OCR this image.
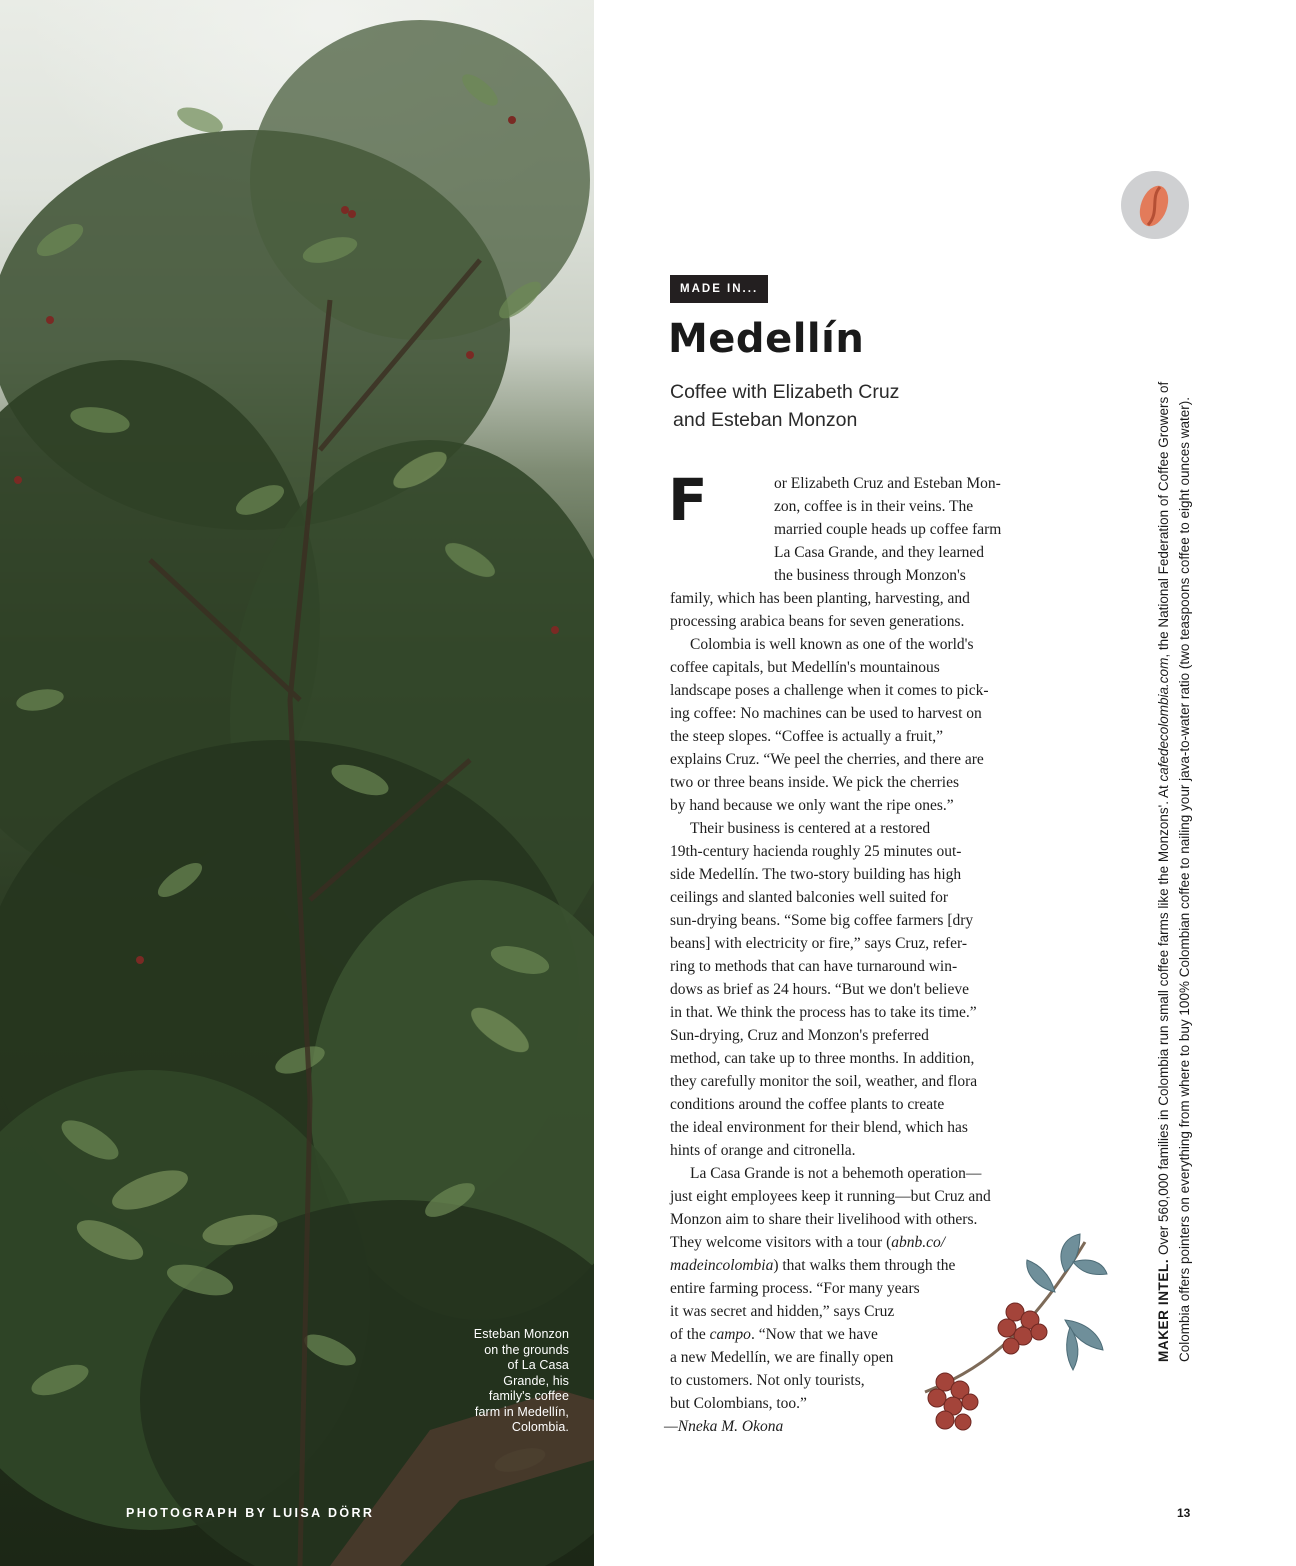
Esteban Monzon
on the grounds
of La Casa
Grande, his
family's coffee
farm in Medellín,
Colombia.
PHOTOGRAPH BY LUISA DÖRR
MADE IN...
Medellín
Coffee with Elizabeth Cruz
and Esteban Monzon
F	or Elizabeth Cruz and Esteban Mon-
zon, coffee is in their veins. The
married couple heads up coffee farm
La Casa Grande, and they learned
the business through Monzon's
family, which has been planting, harvesting, and
processing arabica beans for seven generations.
Colombia is well known as one of the world's
coffee capitals, but Medellín's mountainous
landscape poses a challenge when it comes to pick-
ing coffee: No machines can be used to harvest on
the steep slopes. “Coffee is actually a fruit,”
explains Cruz. “We peel the cherries, and there are
two or three beans inside. We pick the cherries
by hand because we only want the ripe ones.”
Their business is centered at a restored
19th-century hacienda roughly 25 minutes out-
side Medellín. The two-story building has high
ceilings and slanted balconies well suited for
sun-drying beans. “Some big coffee farmers [dry
beans] with electricity or fire,” says Cruz, refer-
ring to methods that can have turnaround win-
dows as brief as 24 hours. “But we don't believe
in that. We think the process has to take its time.”
Sun-drying, Cruz and Monzon's preferred
method, can take up to three months. In addition,
they carefully monitor the soil, weather, and flora
conditions around the coffee plants to create
the ideal environment for their blend, which has
hints of orange and citronella.
La Casa Grande is not a behemoth operation—
just eight employees keep it running—but Cruz and
Monzon aim to share their livelihood with others.
They welcome visitors with a tour (abnb.co/
madeincolombia) that walks them through the
entire farming process. “For many years
it was secret and hidden,” says Cruz
of the campo. “Now that we have
a new Medellín, we are finally open
to customers. Not only tourists,
but Colombians, too.”
—Nneka M. Okona
MAKER INTEL. Over 560,000 families in Colombia run small coffee farms like the Monzons'. At cafedecolombia.com, the National Federation of Coffee Growers of Colombia offers pointers on everything from where to buy 100% Colombian coffee to nailing your java-to-water ratio (two teaspoons coffee to eight ounces water).
13
